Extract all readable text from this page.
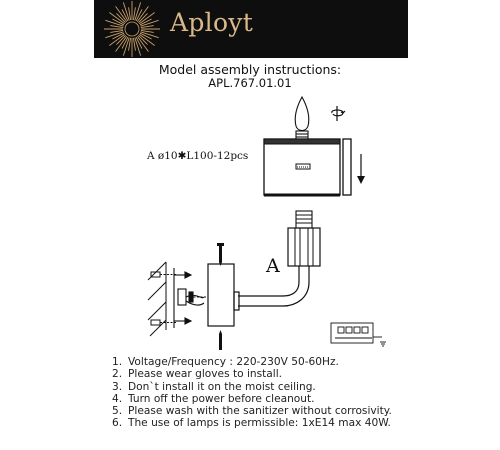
Aployt
Model assembly instructions:
APL.767.01.01
A ø10✱L100-12pcs
A
1. Voltage/Frequency : 220-230V 50-60Hz.
2. Please wear gloves to install.
3. Don`t install it on the moist ceiling.
4. Turn off the power before cleanout.
5. Please wash with the sanitizer without corrosivity.
6. The use of lamps is permissible: 1xE14 max 40W.
